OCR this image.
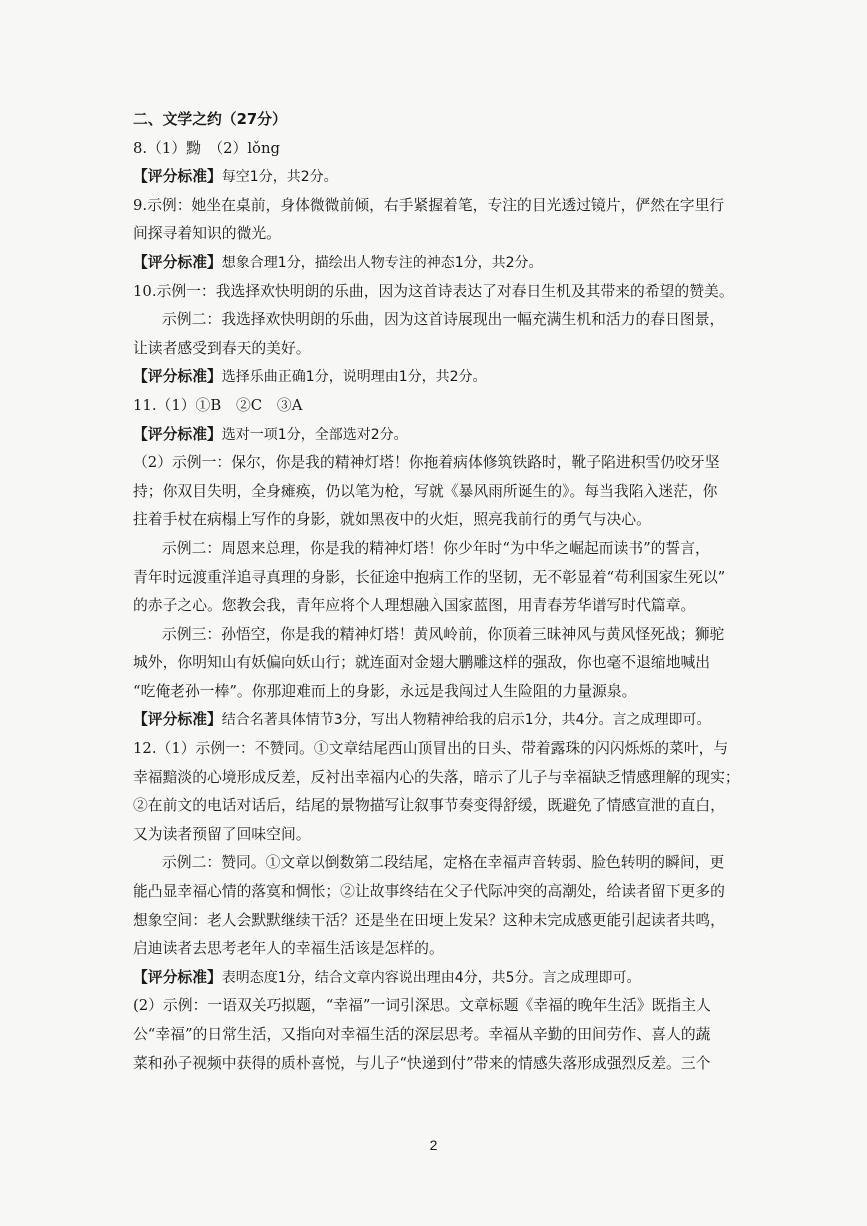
二、文学之约（27分）
8.（1）黝　（2）lǒng
【评分标准】每空1分，共2分。
9.示例：她坐在桌前，身体微微前倾，右手紧握着笔，专注的目光透过镜片，俨然在字里行
间探寻着知识的微光。
【评分标准】想象合理1分，描绘出人物专注的神态1分，共2分。
10.示例一：我选择欢快明朗的乐曲，因为这首诗表达了对春日生机及其带来的希望的赞美。
示例二：我选择欢快明朗的乐曲，因为这首诗展现出一幅充满生机和活力的春日图景，
让读者感受到春天的美好。
【评分标准】选择乐曲正确1分，说明理由1分，共2分。
11.（1）①B　②C　③A
【评分标准】选对一项1分，全部选对2分。
（2）示例一：保尔，你是我的精神灯塔！你拖着病体修筑铁路时，靴子陷进积雪仍咬牙坚
持；你双目失明，全身瘫痪，仍以笔为枪，写就《暴风雨所诞生的》。每当我陷入迷茫，你
拄着手杖在病榻上写作的身影，就如黑夜中的火炬，照亮我前行的勇气与决心。
示例二：周恩来总理，你是我的精神灯塔！你少年时“为中华之崛起而读书”的誓言，
青年时远渡重洋追寻真理的身影，长征途中抱病工作的坚韧，无不彰显着“苟利国家生死以”
的赤子之心。您教会我，青年应将个人理想融入国家蓝图，用青春芳华谱写时代篇章。
示例三：孙悟空，你是我的精神灯塔！黄风岭前，你顶着三昧神风与黄风怪死战；狮驼
城外，你明知山有妖偏向妖山行；就连面对金翅大鹏雕这样的强敌，你也毫不退缩地喊出
“吃俺老孙一棒”。你那迎难而上的身影，永远是我闯过人生险阻的力量源泉。
【评分标准】结合名著具体情节3分，写出人物精神给我的启示1分，共4分。言之成理即可。
12.（1）示例一：不赞同。①文章结尾西山顶冒出的日头、带着露珠的闪闪烁烁的菜叶，与
幸福黯淡的心境形成反差，反衬出幸福内心的失落，暗示了儿子与幸福缺乏情感理解的现实；
②在前文的电话对话后，结尾的景物描写让叙事节奏变得舒缓，既避免了情感宣泄的直白，
又为读者预留了回味空间。
示例二：赞同。①文章以倒数第二段结尾，定格在幸福声音转弱、脸色转明的瞬间，更
能凸显幸福心情的落寞和惆怅；②让故事终结在父子代际冲突的高潮处，给读者留下更多的
想象空间：老人会默默继续干活？还是坐在田埂上发呆？这种未完成感更能引起读者共鸣，
启迪读者去思考老年人的幸福生活该是怎样的。
【评分标准】表明态度1分，结合文章内容说出理由4分，共5分。言之成理即可。
(2）示例：一语双关巧拟题，“幸福”一词引深思。文章标题《幸福的晚年生活》既指主人
公“幸福”的日常生活，又指向对幸福生活的深层思考。幸福从辛勤的田间劳作、喜人的蔬
菜和孙子视频中获得的质朴喜悦，与儿子“快递到付”带来的情感失落形成强烈反差。三个
2
